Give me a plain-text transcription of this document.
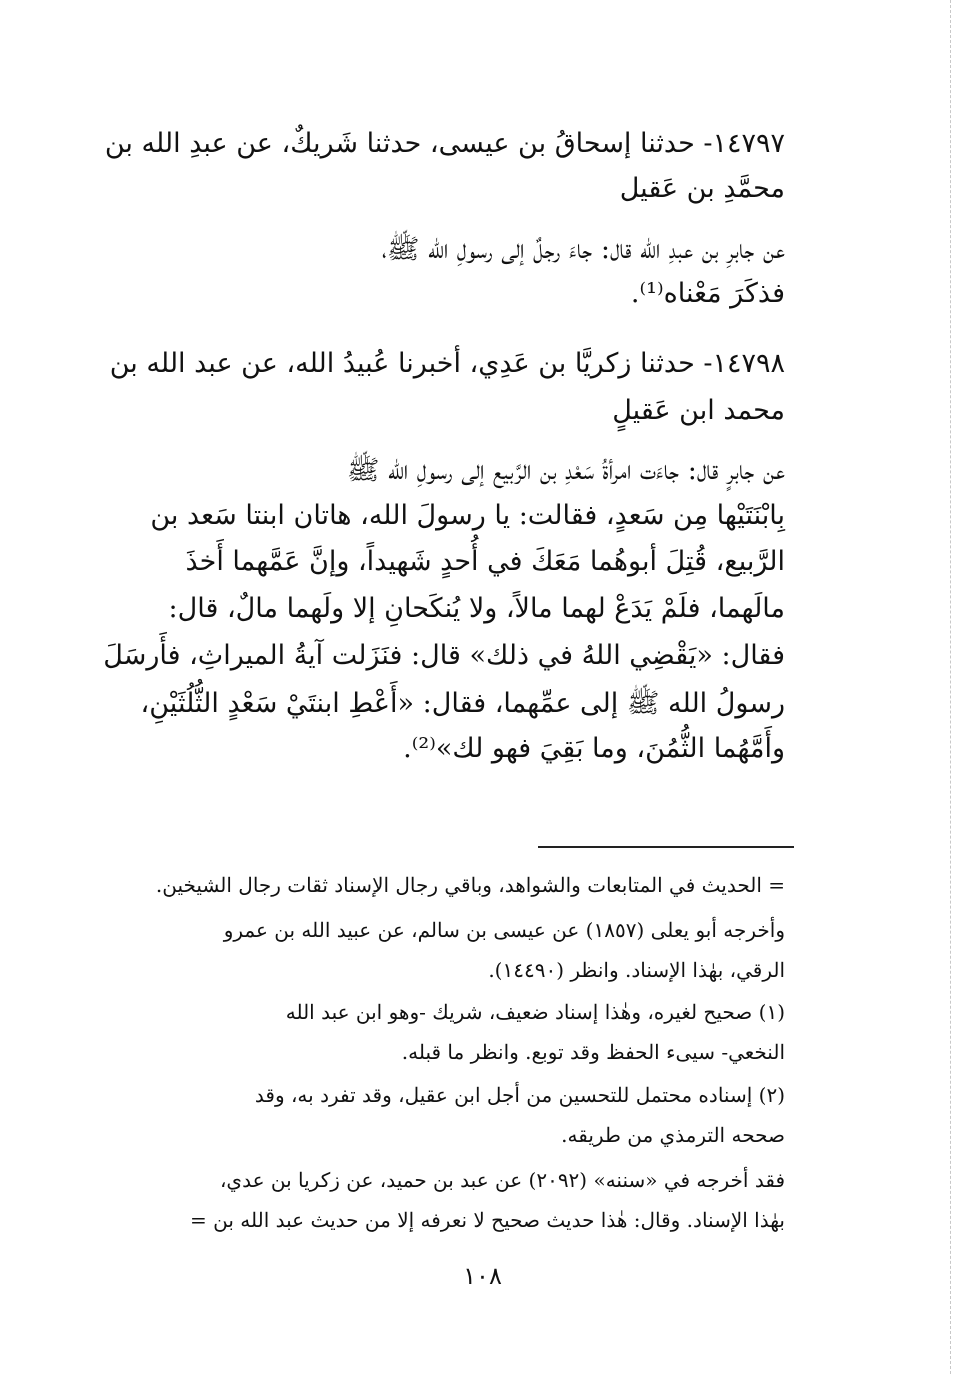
١٤٧٩٧- حدثنا إسحاقُ بن عيسى، حدثنا شَريكٌ، عن عبدِ الله بن
محمَّدِ بن عَقيل
عن جابرِ بن عبدِ الله قال: جاءَ رجلٌ إلى رسولِ الله ﷺ،
فذكَرَ مَعْناه⁽¹⁾.
١٤٧٩٨- حدثنا زكريَّا بن عَدِي، أخبرنا عُبيدُ الله، عن عبد الله بن
محمد ابن عَقيلٍ
عن جابرٍ قال: جاءَت امرأةُ سَعْدِ بن الرَّبيع إلى رسولِ الله ﷺ
بِابْنَتَيْها مِن سَعدٍ، فقالت: يا رسولَ الله، هاتان ابنتا سَعد بن
الرَّبيع، قُتِلَ أبوهُما مَعَكَ في أُحدٍ شَهيداً، وإنَّ عَمَّهما أَخذَ
مالَهما، فلَمْ يَدَعْ لهما مالاً، ولا يُنكَحانِ إلا ولَهما مالٌ، قال:
فقال: «يَقْضِي اللهُ في ذلك» قال: فنَزَلت آيةُ الميراثِ، فأَرسَلَ
رسولُ الله ﷺ إلى عمِّهما، فقال: «أَعْطِ ابنتَيْ سَعْدٍ الثُّلُثَيْنِ،
وأَمَّهُما الثُّمُنَ، وما بَقِيَ فهو لك»⁽²⁾.
= الحديث في المتابعات والشواهد، وباقي رجال الإسناد ثقات رجال الشيخين.
وأخرجه أبو يعلى (١٨٥٧) عن عيسى بن سالم، عن عبيد الله بن عمرو
الرقي، بهٰذا الإسناد. وانظر (١٤٤٩٠).
(١) صحيح لغيره، وهٰذا إسناد ضعيف، شريك -وهو ابن عبد الله
النخعي- سيىء الحفظ وقد توبع. وانظر ما قبله.
(٢) إسناده محتمل للتحسين من أجل ابن عقيل، وقد تفرد به، وقد
صححه الترمذي من طريقه.
فقد أخرجه في «سننه» (٢٠٩٢) عن عبد بن حميد، عن زكريا بن عدي،
بهٰذا الإسناد. وقال: هٰذا حديث صحيح لا نعرفه إلا من حديث عبد الله بن =
١٠٨
